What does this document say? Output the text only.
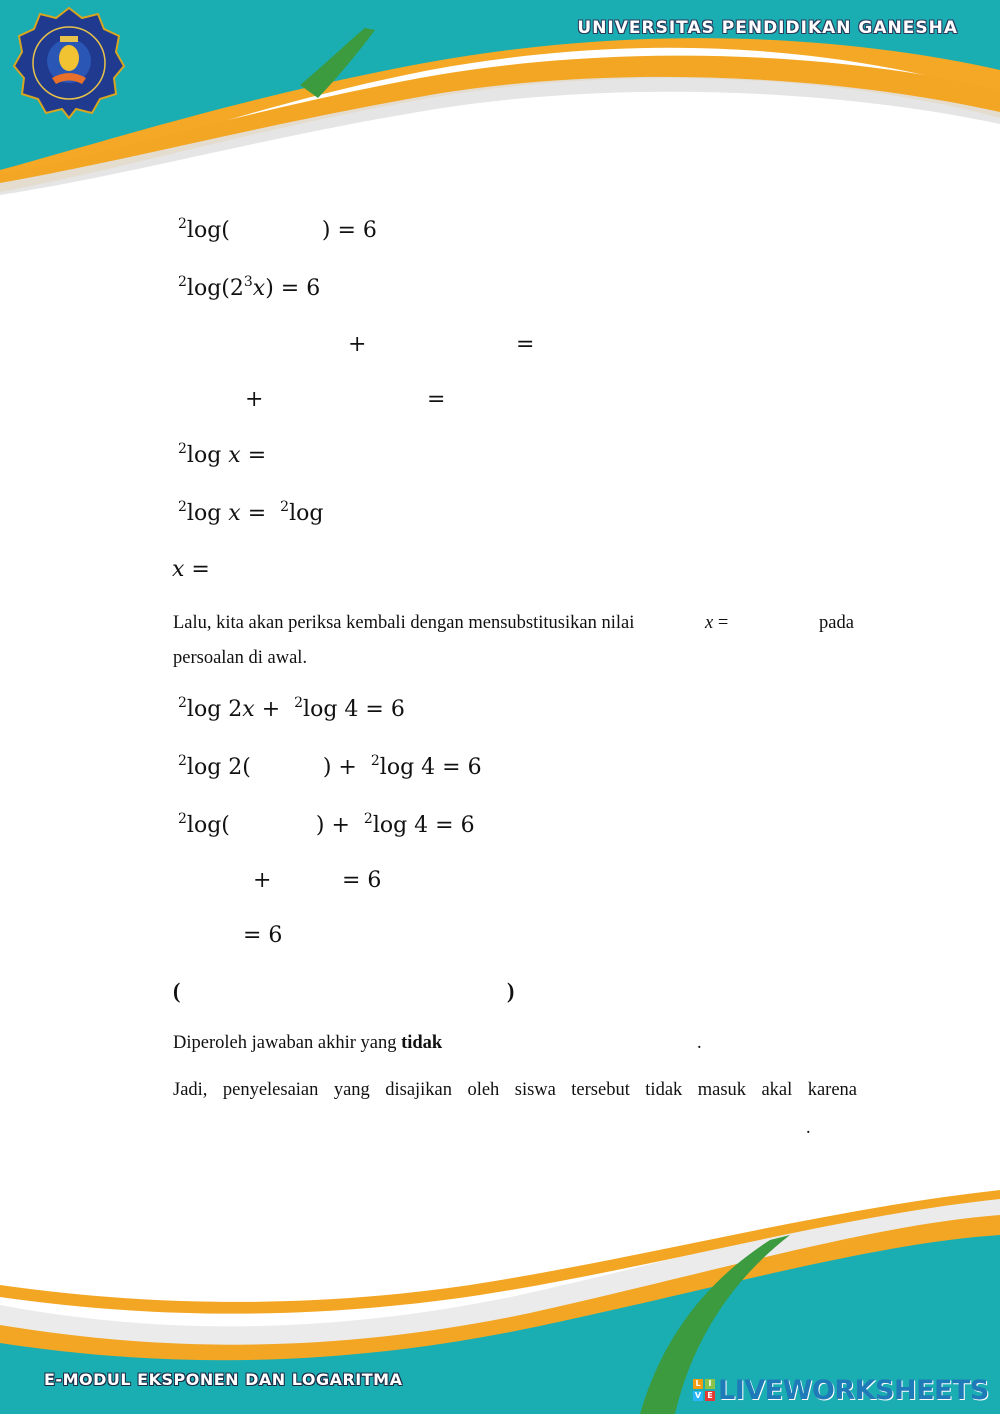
UNIVERSITAS PENDIDIKAN GANESHA
$^2$log(	) = 6
$^2\log(2^3x) = 6$
+	=
+	=
$^2$log x =
$^2$log x = $^2$log
x =
Lalu, kita akan periksa kembali dengan mensubstitusikan nilai	x =	pada
persoalan di awal.
$^2$log 2x +  $^2$log 4 = 6
$^2$log 2(	) +  $^2$log 4 = 6
$^2$log(	) +  $^2$log 4 = 6
+	= 6
= 6
(	)
Diperoleh jawaban akhir yang tidak	.
Jadi, penyelesaian yang disajikan oleh siswa tersebut tidak masuk akal karena
.
E-MODUL EKSPONEN DAN LOGARITMA	L I
V E LIVEWORKSHEETS
